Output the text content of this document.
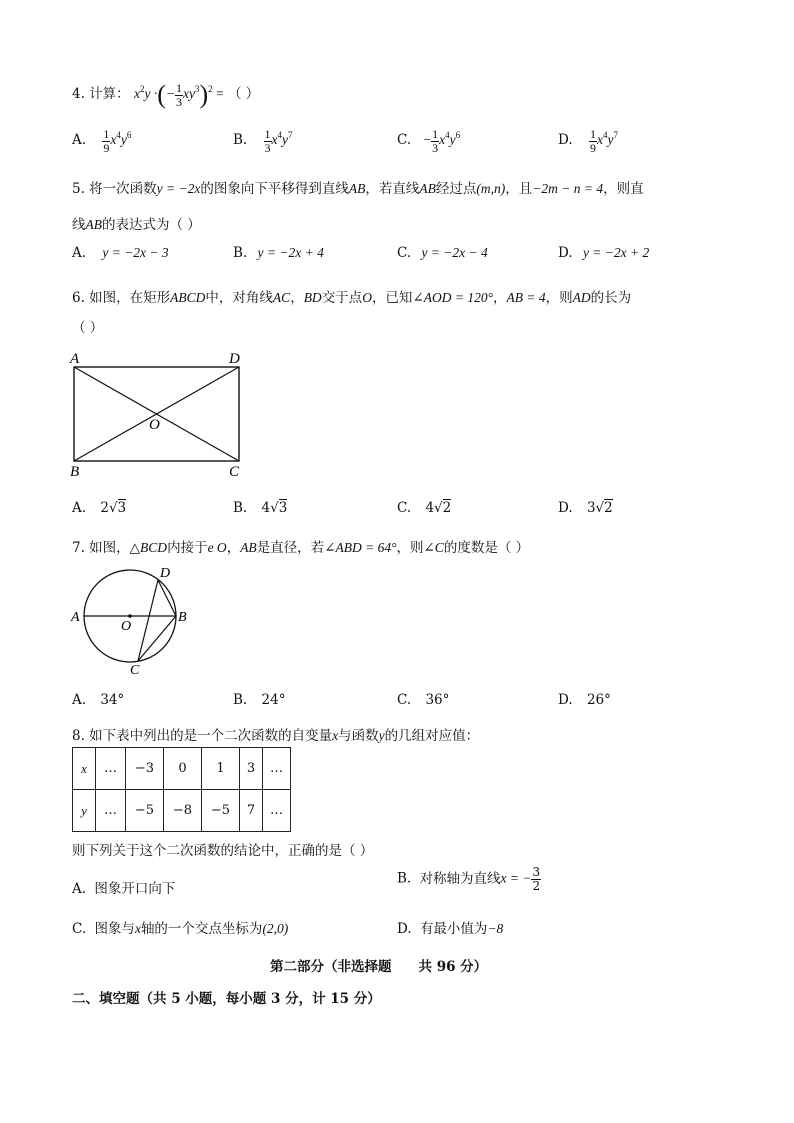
4. 计算： $x^2y$ ·(− $\frac{1}{3} xy^3)^2$ = （ ）
A. $\frac{1}{9} x^4y^6$	B. $\frac{1}{3} x^4y^7$	C. − $\frac{1}{3} x^4y^6$	D. $\frac{1}{9} x^4y^7$
5. 将一次函数y = −2x的图象向下平移得到直线AB，若直线AB经过点(m,n)，且−2m − n = 4，则直
线AB的表达式为（ ）
A. y = −2x − 3	B. y = −2x + 4	C. y = −2x − 4	D. y = −2x + 2
6. 如图，在矩形ABCD中，对角线AC，BD交于点O，已知∠AOD = 120°，AB = 4，则AD的长为
（ ）
A	D
B	C
O
A. 2√3	B. 4√3	C. 4√2	D. 3√2
7. 如图，△BCD内接于e O，AB是直径，若∠ABD = 64°，则∠C的度数是（ ）
A	B
D
C
O
A. 34°	B. 24°	C. 36°	D. 26°
8. 如下表中列出的是一个二次函数的自变量x与函数y的几组对应值：
x	…	−3	0	1	3	…
y	…	−5	−8	−5	7	…
则下列关于这个二次函数的结论中，正确的是（ ）
A. 图象开口向下
B. 对称轴为直线x = − $\frac{3}{2}$
C. 图象与x轴的一个交点坐标为(2,0)	D. 有最小值为−8
第二部分（非选择题　　共 96 分）
二、填空题（共 5 小题，每小题 3 分，计 15 分）
